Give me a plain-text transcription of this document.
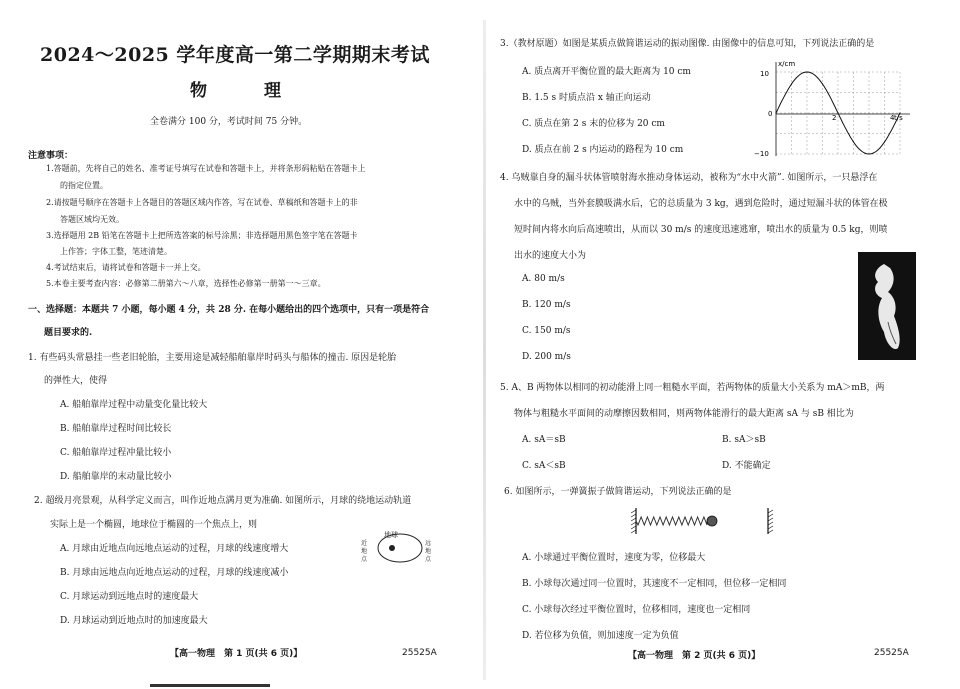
2024～2025 学年度高一第二学期期末考试
物　理
全卷满分 100 分，考试时间 75 分钟。
注意事项：
1.答题前，先将自己的姓名、准考证号填写在试卷和答题卡上，并将条形码粘贴在答题卡上
的指定位置。
2.请按题号顺序在答题卡上各题目的答题区域内作答，写在试卷、草稿纸和答题卡上的非
答题区域均无效。
3.选择题用 2B 铅笔在答题卡上把所选答案的标号涂黑；非选择题用黑色签字笔在答题卡
上作答；字体工整，笔迹清楚。
4.考试结束后，请将试卷和答题卡一并上交。
5.本卷主要考查内容：必修第二册第六～八章，选择性必修第一册第一～三章。
一、选择题：本题共 7 小题，每小题 4 分，共 28 分. 在每小题给出的四个选项中，只有一项是符合
题目要求的.
1. 有些码头常悬挂一些老旧轮胎，主要用途是减轻船舶靠岸时码头与船体的撞击. 原因是轮胎
的弹性大，使得
A. 船舶靠岸过程中动量变化量比较大
B. 船舶靠岸过程时间比较长
C. 船舶靠岸过程冲量比较小
D. 船舶靠岸的末动量比较小
2. 超级月亮景观，从科学定义而言，叫作近地点满月更为准确. 如图所示，月球的绕地运动轨道
实际上是一个椭圆，地球位于椭圆的一个焦点上，则
A. 月球由近地点向远地点运动的过程，月球的线速度增大
B. 月球由远地点向近地点运动的过程，月球的线速度减小
C. 月球运动到远地点时的速度最大
D. 月球运动到近地点时的加速度最大
地球
近地点
远地点
【高一物理　第 1 页(共 6 页)】	25525A
3.（教材原题）如图是某质点做简谐运动的振动图像. 由图像中的信息可知，下列说法正确的是
A. 质点离开平衡位置的最大距离为 10 cm
B. 1.5 s 时质点沿 x 轴正向运动
C. 质点在第 2 s 末的位移为 20 cm
D. 质点在前 2 s 内运动的路程为 10 cm
x/cm
t/s
10
0
−10
2	4
4. 乌贼靠自身的漏斗状体管喷射海水推动身体运动，被称为“水中火箭”. 如图所示，一只悬浮在
水中的乌贼，当外套膜吸满水后，它的总质量为 3 kg，遇到危险时，通过短漏斗状的体管在极
短时间内将水向后高速喷出，从而以 30 m/s 的速度迅速逃窜，喷出水的质量为 0.5 kg，则喷
出水的速度大小为
A. 80 m/s
B. 120 m/s
C. 150 m/s
D. 200 m/s
5. A、B 两物体以相同的初动能滑上同一粗糙水平面，若两物体的质量大小关系为 mA＞mB，两
物体与粗糙水平面间的动摩擦因数相同，则两物体能滑行的最大距离 sA 与 sB 相比为
A. sA＝sB	B. sA＞sB
C. sA＜sB	D. 不能确定
6. 如图所示，一弹簧振子做简谐运动，下列说法正确的是
A. 小球通过平衡位置时，速度为零，位移最大
B. 小球每次通过同一位置时，其速度不一定相同，但位移一定相同
C. 小球每次经过平衡位置时，位移相同，速度也一定相同
D. 若位移为负值，则加速度一定为负值
【高一物理　第 2 页(共 6 页)】	25525A
